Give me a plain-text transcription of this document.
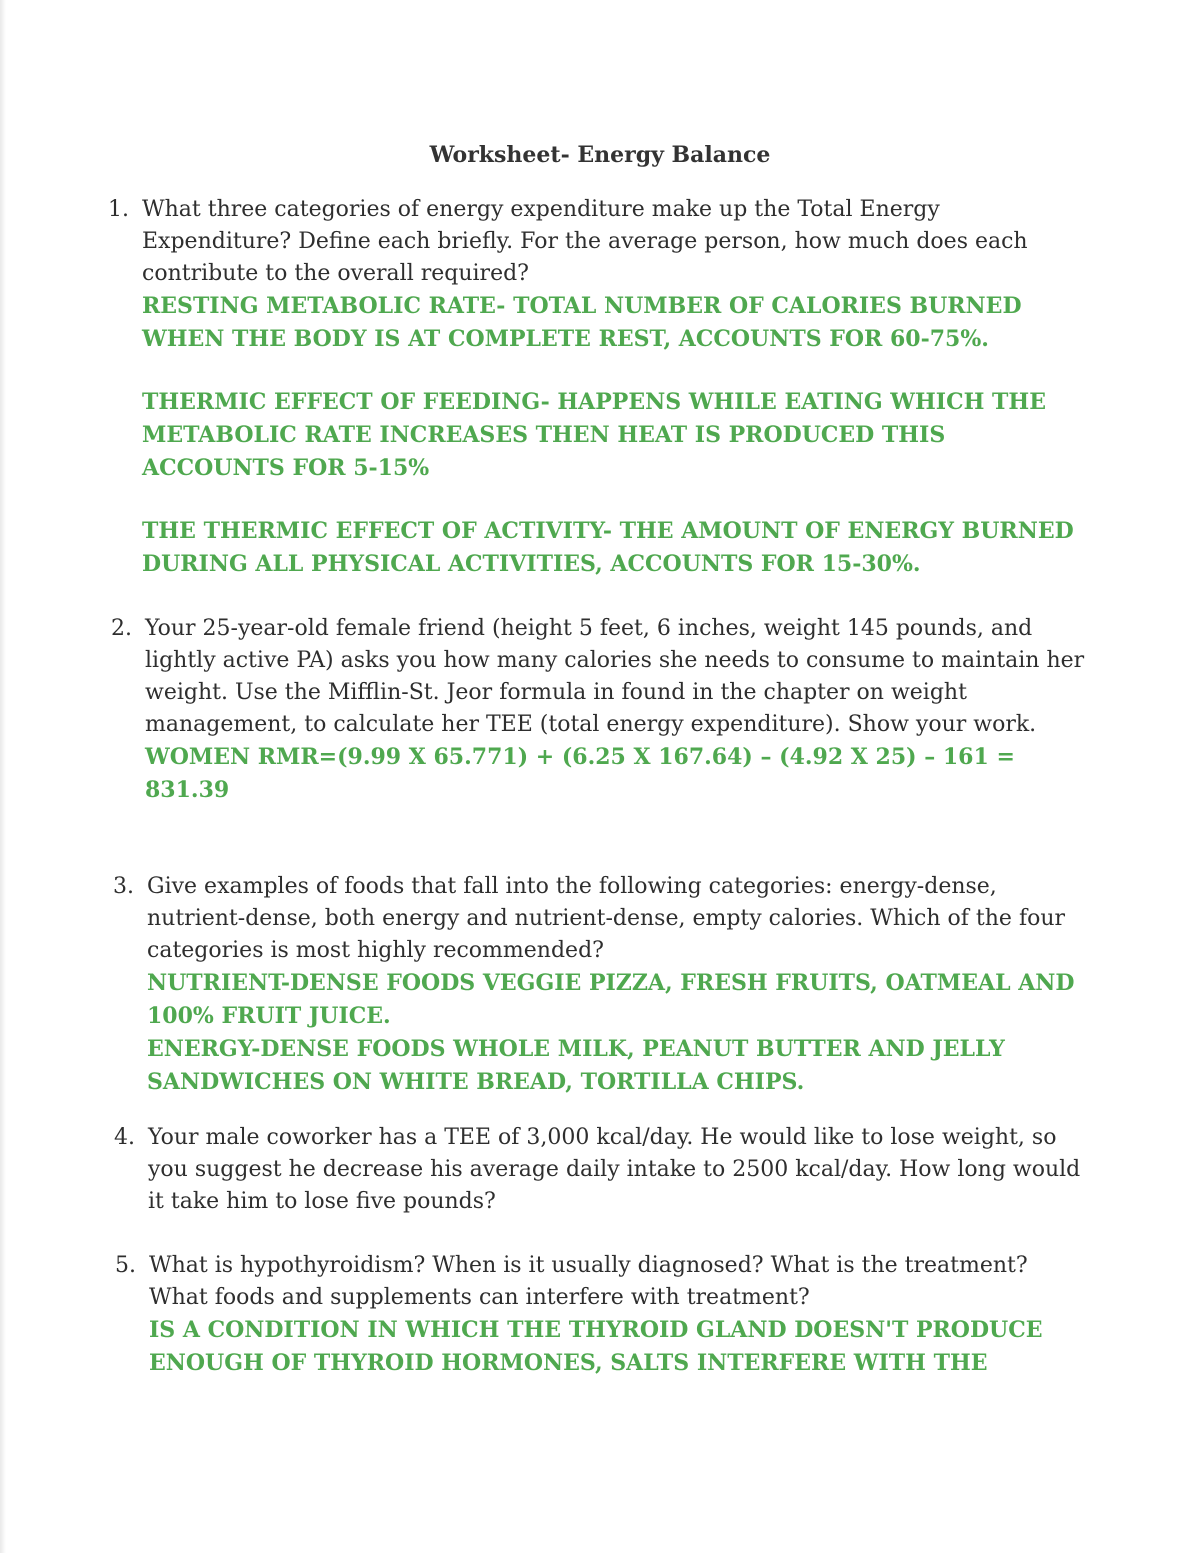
Worksheet- Energy Balance
1. What three categories of energy expenditure make up the Total Energy Expenditure? Define each briefly. For the average person, how much does each contribute to the overall required?
RESTING METABOLIC RATE- TOTAL NUMBER OF CALORIES BURNED WHEN THE BODY IS AT COMPLETE REST, ACCOUNTS FOR 60-75%.
THERMIC EFFECT OF FEEDING- HAPPENS WHILE EATING WHICH THE METABOLIC RATE INCREASES THEN HEAT IS PRODUCED THIS ACCOUNTS FOR 5-15%
THE THERMIC EFFECT OF ACTIVITY- THE AMOUNT OF ENERGY BURNED DURING ALL PHYSICAL ACTIVITIES, ACCOUNTS FOR 15-30%.
2. Your 25-year-old female friend (height 5 feet, 6 inches, weight 145 pounds, and lightly active PA) asks you how many calories she needs to consume to maintain her weight. Use the Mifflin-St. Jeor formula in found in the chapter on weight management, to calculate her TEE (total energy expenditure). Show your work.
WOMEN RMR=(9.99 X 65.771) + (6.25 X 167.64) – (4.92 X 25) – 161 = 831.39
3. Give examples of foods that fall into the following categories: energy-dense, nutrient-dense, both energy and nutrient-dense, empty calories. Which of the four categories is most highly recommended?
NUTRIENT-DENSE FOODS VEGGIE PIZZA, FRESH FRUITS, OATMEAL AND 100% FRUIT JUICE.
ENERGY-DENSE FOODS WHOLE MILK, PEANUT BUTTER AND JELLY SANDWICHES ON WHITE BREAD, TORTILLA CHIPS.
4. Your male coworker has a TEE of 3,000 kcal/day. He would like to lose weight, so you suggest he decrease his average daily intake to 2500 kcal/day. How long would it take him to lose five pounds?
5. What is hypothyroidism? When is it usually diagnosed? What is the treatment? What foods and supplements can interfere with treatment?
IS A CONDITION IN WHICH THE THYROID GLAND DOESN'T PRODUCE ENOUGH OF THYROID HORMONES, SALTS INTERFERE WITH THE
